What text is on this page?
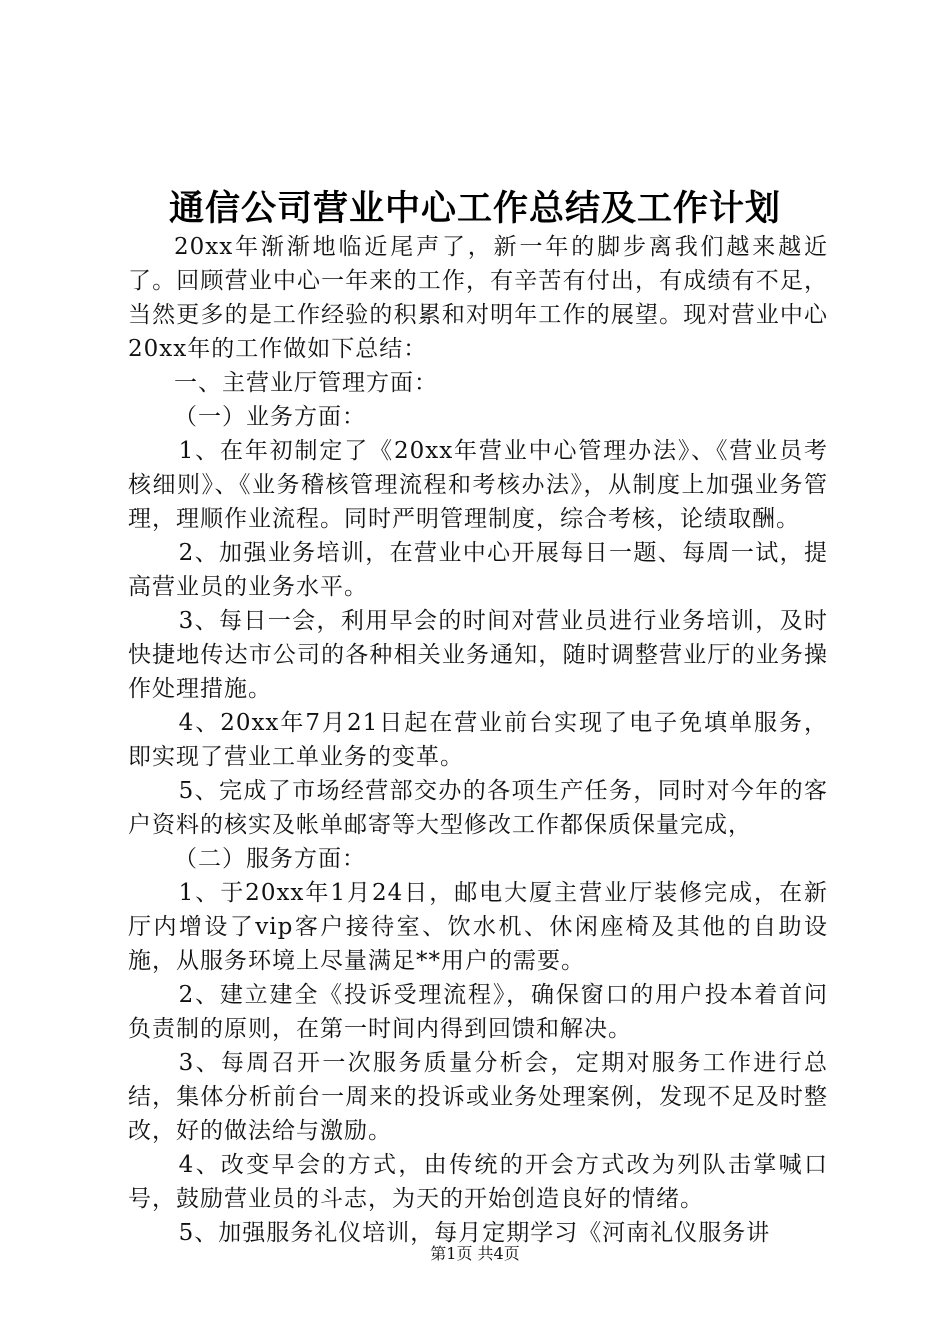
通信公司营业中心工作总结及工作计划

20xx年渐渐地临近尾声了，新一年的脚步离我们越来越近了。回顾营业中心一年来的工作，有辛苦有付出，有成绩有不足，当然更多的是工作经验的积累和对明年工作的展望。现对营业中心20xx年的工作做如下总结：

一、主营业厅管理方面：

（一）业务方面：

1、在年初制定了《20xx年营业中心管理办法》、《营业员考核细则》、《业务稽核管理流程和考核办法》，从制度上加强业务管理，理顺作业流程。同时严明管理制度，综合考核，论绩取酬。

2、加强业务培训，在营业中心开展每日一题、每周一试，提高营业员的业务水平。

3、每日一会，利用早会的时间对营业员进行业务培训，及时快捷地传达市公司的各种相关业务通知，随时调整营业厅的业务操作处理措施。

4、20xx年7月21日起在营业前台实现了电子免填单服务，即实现了营业工单业务的变革。

5、完成了市场经营部交办的各项生产任务，同时对今年的客户资料的核实及帐单邮寄等大型修改工作都保质保量完成，

（二）服务方面：

1、于20xx年1月24日，邮电大厦主营业厅装修完成，在新厅内增设了vip客户接待室、饮水机、休闲座椅及其他的自助设施，从服务环境上尽量满足**用户的需要。

2、建立建全《投诉受理流程》，确保窗口的用户投本着首问负责制的原则，在第一时间内得到回馈和解决。

3、每周召开一次服务质量分析会，定期对服务工作进行总结，集体分析前台一周来的投诉或业务处理案例，发现不足及时整改，好的做法给与激励。

4、改变早会的方式，由传统的开会方式改为列队击掌喊口号，鼓励营业员的斗志，为天的开始创造良好的情绪。

5、加强服务礼仪培训，每月定期学习《河南礼仪服务讲

第1页 共4页
